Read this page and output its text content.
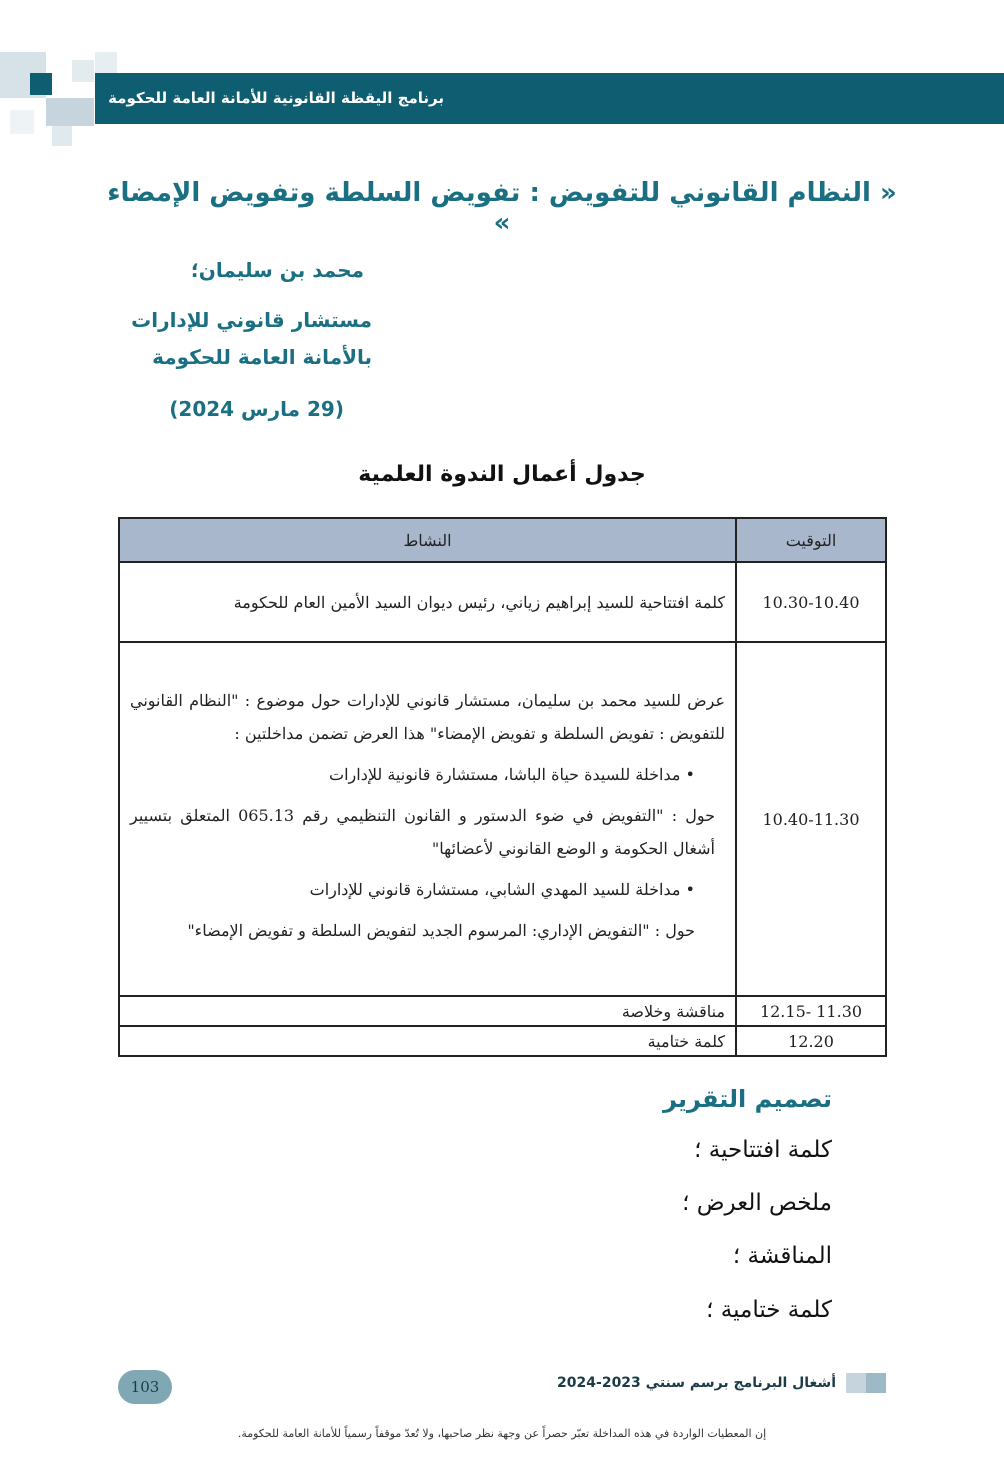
برنامج اليقظة القانونية للأمانة العامة للحكومة
« النظام القانوني للتفويض : تفويض السلطة وتفويض الإمضاء »
محمد بن سليمان؛
مستشار قانوني للإدارات
بالأمانة العامة للحكومة
(29 مارس 2024)
جدول أعمال الندوة العلمية
التوقيت	النشاط
10.30-10.40	كلمة افتتاحية للسيد إبراهيم زياني، رئيس ديوان السيد الأمين العام للحكومة
10.40-11.30	عرض للسيد محمد بن سليمان، مستشار قانوني للإدارات حول موضوع : "النظام القانوني للتفويض : تفويض السلطة و تفويض الإمضاء" هذا العرض تضمن مداخلتين :
• مداخلة للسيدة حياة الباشا، مستشارة قانونية للإدارات
حول : "التفويض في ضوء الدستور و القانون التنظيمي رقم 065.13 المتعلق بتسيير أشغال الحكومة و الوضع القانوني لأعضائها"
• مداخلة للسيد المهدي الشابي، مستشارة قانوني للإدارات
حول : "التفويض الإداري: المرسوم الجديد لتفويض السلطة و تفويض الإمضاء"

11.30 -12.15	مناقشة وخلاصة
12.20	كلمة ختامية
تصميم التقرير
كلمة افتتاحية ؛
ملخص العرض ؛
المناقشة ؛
كلمة ختامية ؛
103	أشغال البرنامج برسم سنتي 2023-2024
إن المعطيات الواردة في هذه المداخلة تعبّر حصراً عن وجهة نظر صاحبها، ولا تُعدّ موقفاً رسمياً للأمانة العامة للحكومة.
